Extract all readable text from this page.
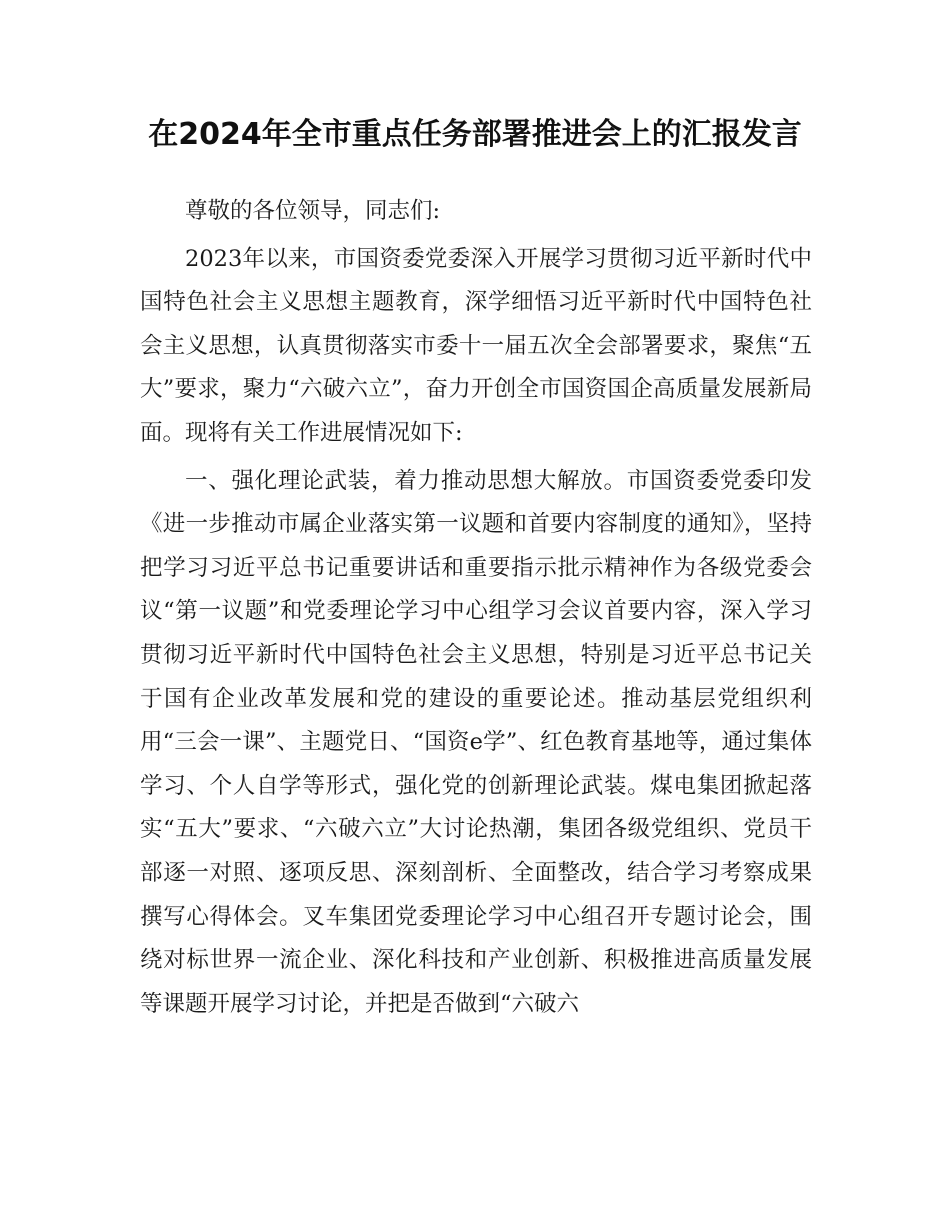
在2024年全市重点任务部署推进会上的汇报发言

尊敬的各位领导，同志们:

2023年以来，市国资委党委深入开展学习贯彻习近平新时代中国特色社会主义思想主题教育，深学细悟习近平新时代中国特色社会主义思想，认真贯彻落实市委十一届五次全会部署要求，聚焦“五大”要求，聚力“六破六立”，奋力开创全市国资国企高质量发展新局面。现将有关工作进展情况如下:

一、强化理论武装，着力推动思想大解放。市国资委党委印发《进一步推动市属企业落实第一议题和首要内容制度的通知》，坚持把学习习近平总书记重要讲话和重要指示批示精神作为各级党委会议“第一议题”和党委理论学习中心组学习会议首要内容，深入学习贯彻习近平新时代中国特色社会主义思想，特别是习近平总书记关于国有企业改革发展和党的建设的重要论述。推动基层党组织利用“三会一课”、主题党日、“国资e学”、红色教育基地等，通过集体学习、个人自学等形式，强化党的创新理论武装。煤电集团掀起落实“五大”要求、“六破六立”大讨论热潮，集团各级党组织、党员干部逐一对照、逐项反思、深刻剖析、全面整改，结合学习考察成果撰写心得体会。叉车集团党委理论学习中心组召开专题讨论会，围绕对标世界一流企业、深化科技和产业创新、积极推进高质量发展等课题开展学习讨论，并把是否做到“六破六
